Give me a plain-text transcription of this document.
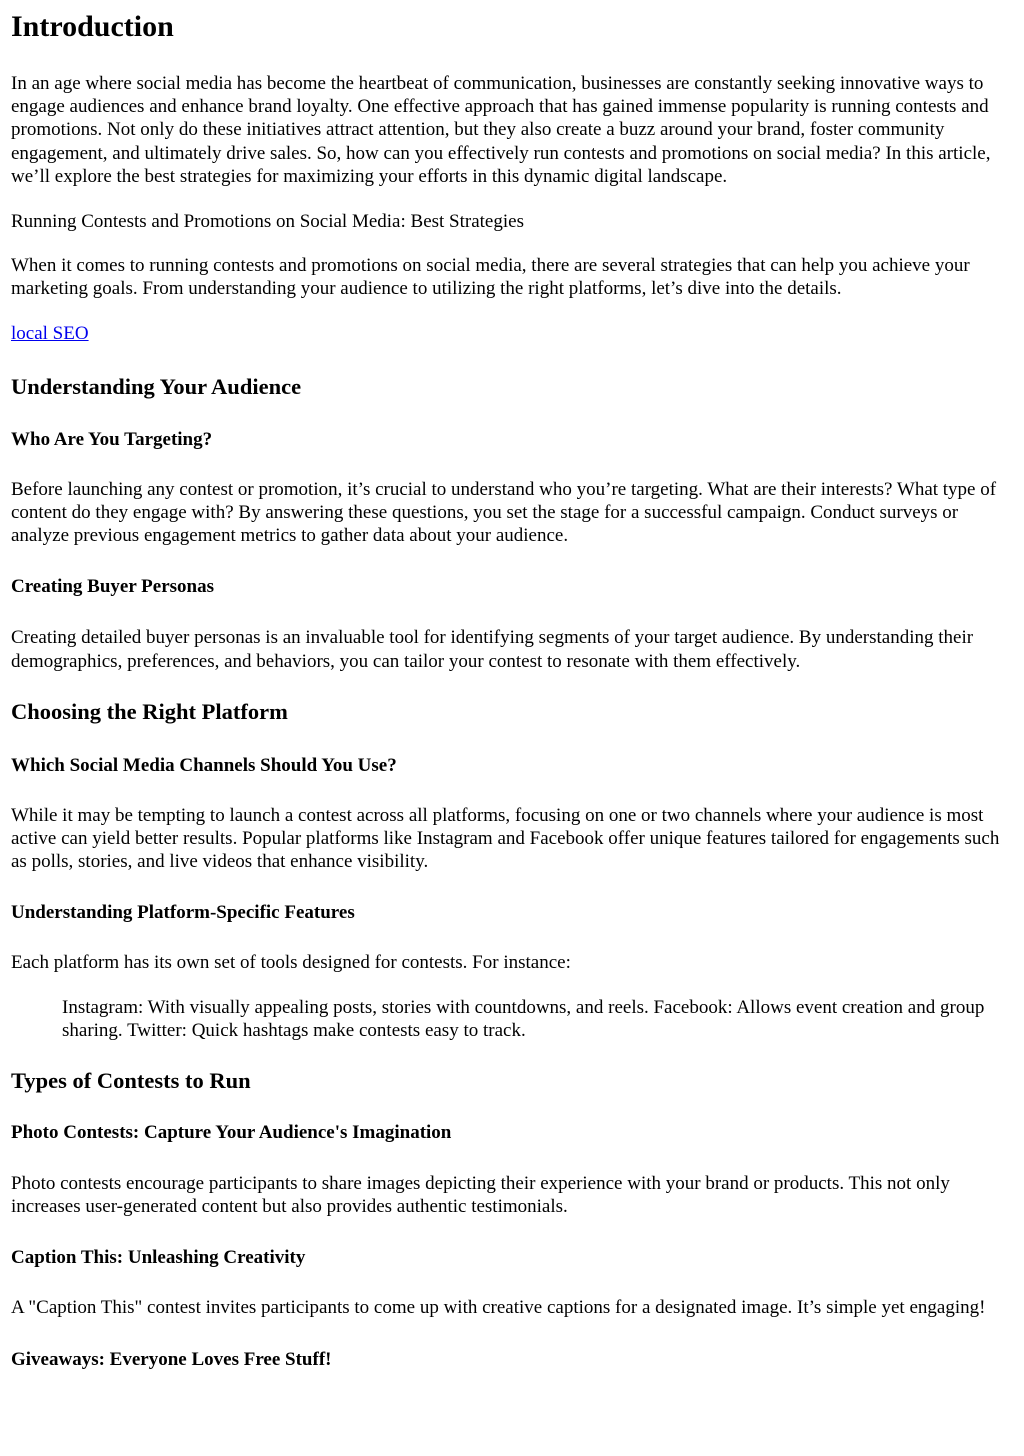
Introduction

In an age where social media has become the heartbeat of communication, businesses are constantly seeking innovative ways to engage audiences and enhance brand loyalty. One effective approach that has gained immense popularity is running contests and promotions. Not only do these initiatives attract attention, but they also create a buzz around your brand, foster community engagement, and ultimately drive sales. So, how can you effectively run contests and promotions on social media? In this article, we’ll explore the best strategies for maximizing your efforts in this dynamic digital landscape.

Running Contests and Promotions on Social Media: Best Strategies

When it comes to running contests and promotions on social media, there are several strategies that can help you achieve your marketing goals. From understanding your audience to utilizing the right platforms, let’s dive into the details.

local SEO

Understanding Your Audience
Who Are You Targeting?

Before launching any contest or promotion, it’s crucial to understand who you’re targeting. What are their interests? What type of content do they engage with? By answering these questions, you set the stage for a successful campaign. Conduct surveys or analyze previous engagement metrics to gather data about your audience.

Creating Buyer Personas

Creating detailed buyer personas is an invaluable tool for identifying segments of your target audience. By understanding their demographics, preferences, and behaviors, you can tailor your contest to resonate with them effectively.

Choosing the Right Platform
Which Social Media Channels Should You Use?

While it may be tempting to launch a contest across all platforms, focusing on one or two channels where your audience is most active can yield better results. Popular platforms like Instagram and Facebook offer unique features tailored for engagements such as polls, stories, and live videos that enhance visibility.

Understanding Platform-Specific Features

Each platform has its own set of tools designed for contests. For instance:

Instagram: With visually appealing posts, stories with countdowns, and reels. Facebook: Allows event creation and group sharing. Twitter: Quick hashtags make contests easy to track.
Types of Contests to Run
Photo Contests: Capture Your Audience's Imagination

Photo contests encourage participants to share images depicting their experience with your brand or products. This not only increases user-generated content but also provides authentic testimonials.

Caption This: Unleashing Creativity

A "Caption This" contest invites participants to come up with creative captions for a designated image. It’s simple yet engaging!

Giveaways: Everyone Loves Free Stuff!
